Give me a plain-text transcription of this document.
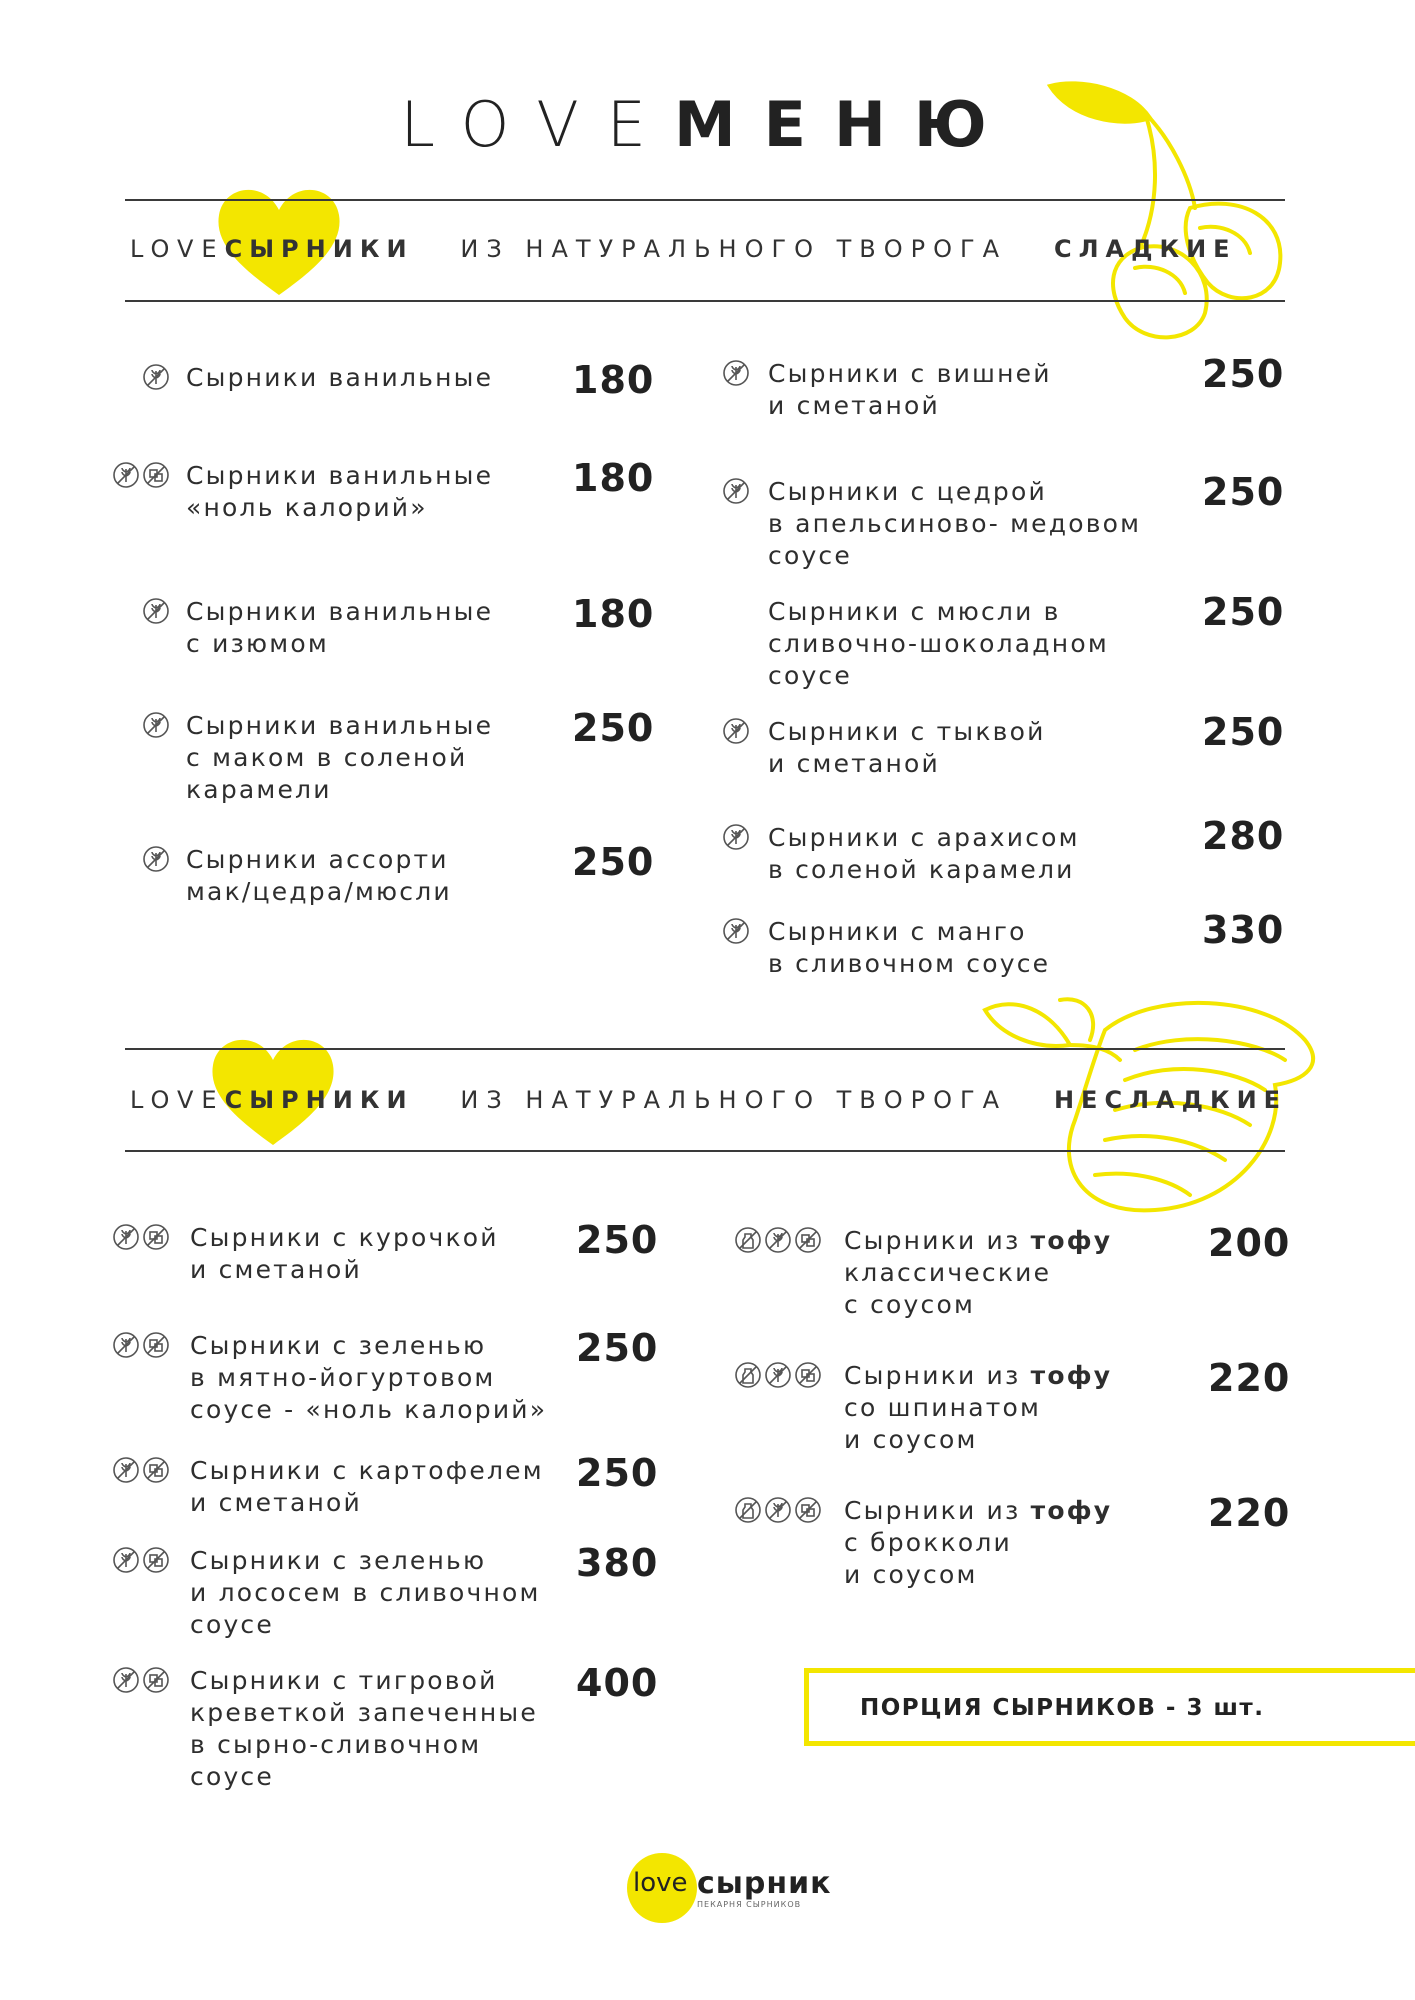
LOVEМЕНЮ
LOVEСЫРНИКИ ИЗ НАТУРАЛЬНОГО ТВОРОГА СЛАДКИЕ
LOVEСЫРНИКИ ИЗ НАТУРАЛЬНОГО ТВОРОГА НЕСЛАДКИЕ
Сырники ванильные 180
Сырники ванильные
«ноль калорий»
180
Сырники ванильные
с изюмом
180
Сырники ванильные
с маком в соленой
карамели
250
Сырники ассорти
мак/цедра/мюсли
250
Сырники с вишней
и сметаной
250
Сырники с цедрой
в апельсиново- медовом
соусе
250
Сырники с мюсли в
сливочно-шоколадном
соусе
250
Сырники с тыквой
и сметаной
250
Сырники с арахисом
в соленой карамели
280
Сырники с манго
в сливочном соусе
330
Сырники с курочкой
и сметаной
250
Сырники с зеленью
в мятно-йогуртовом
соусе - «ноль калорий»
250
Сырники с картофелем
и сметаной
250
Сырники с зеленью
и лососем в сливочном
соусе
380
Сырники с тигровой
креветкой запеченные
в сырно-сливочном
соусе
400
Сырники из тофу
классические
с соусом
200
Сырники из тофу
со шпинатом
и соусом
220
Сырники из тофу
с брокколи
и соусом
220
ПОРЦИЯ СЫРНИКОВ - 3 шт.
love сырник
ПЕКАРНЯ СЫРНИКОВ
